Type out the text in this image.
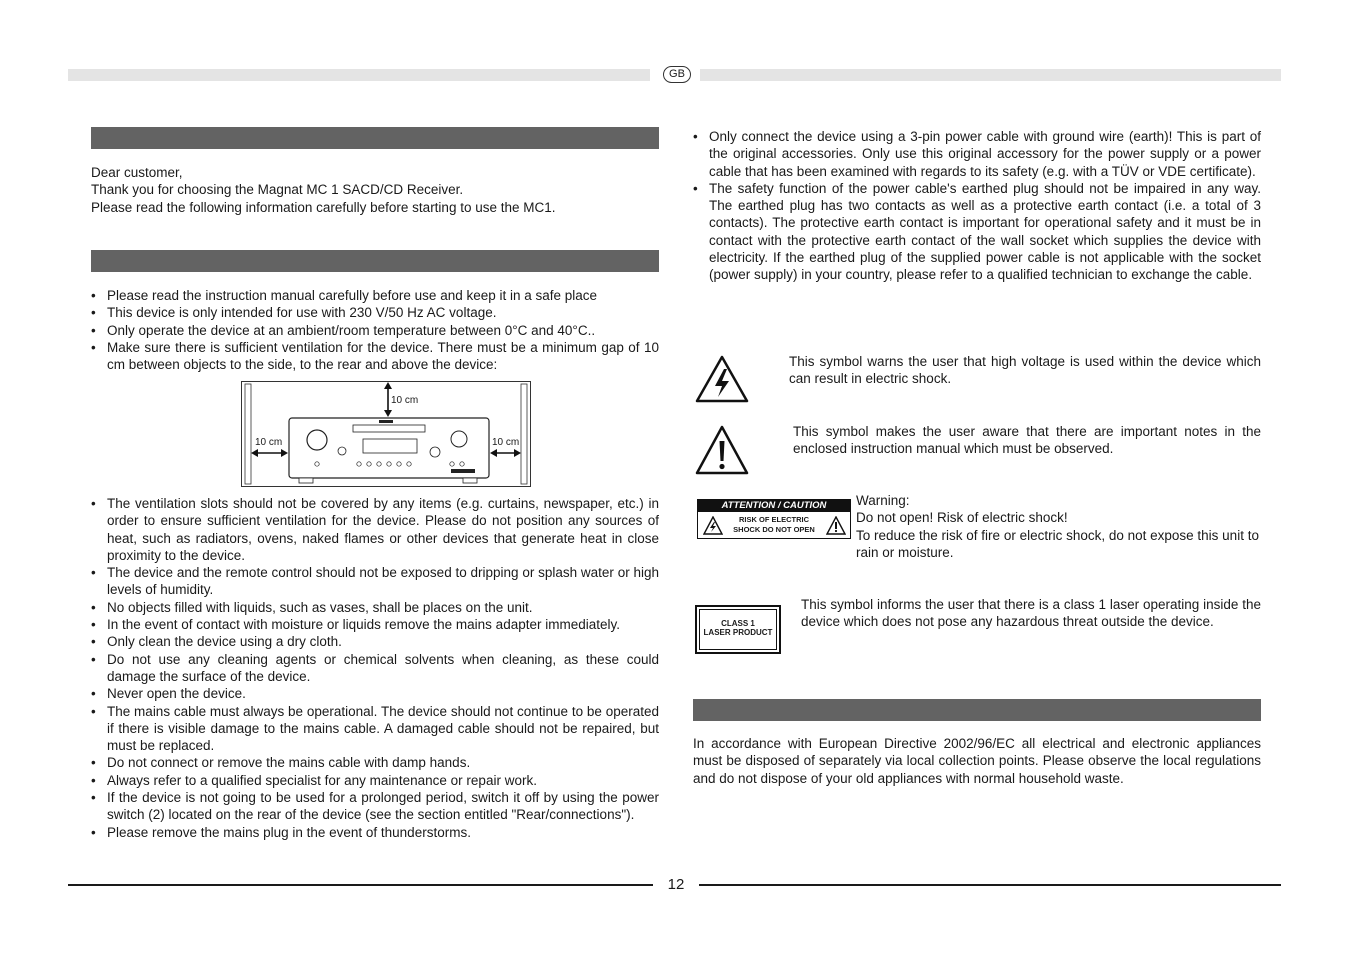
GB

Dear customer,

Thank you for choosing the Magnat MC 1 SACD/CD Receiver.

Please read the following information carefully before starting to use the MC1.

• Please read the instruction manual carefully before use and keep it in a safe place
• This device is only intended for use with 230 V/50 Hz AC voltage.
• Only operate the device at an ambient/room temperature between 0°C and 40°C..
• Make sure there is sufficient ventilation for the device. There must be a minimum gap of 10 cm between objects to the side, to the rear and above the device:
10 cm
10 cm	10 cm
• The ventilation slots should not be covered by any items (e.g. curtains, newspaper, etc.) in order to ensure sufficient ventilation for the device. Please do not position any sources of heat, such as radiators, ovens, naked flames or other devices that generate heat in close proximity to the device.
• The device and the remote control should not be exposed to dripping or splash water or high levels of humidity.
• No objects filled with liquids, such as vases, shall be places on the unit.
• In the event of contact with moisture or liquids remove the mains adapter immediately.
• Only clean the device using a dry cloth.
• Do not use any cleaning agents or chemical solvents when cleaning, as these could damage the surface of the device.
• Never open the device.
• The mains cable must always be operational. The device should not continue to be operated if there is visible damage to the mains cable. A damaged cable should not be repaired, but must be replaced.
• Do not connect or remove the mains cable with damp hands.
• Always refer to a qualified specialist for any maintenance or repair work.
• If the device is not going to be used for a prolonged period, switch it off by using the power switch (2) located on the rear of the device (see the section entitled "Rear/connections").
• Please remove the mains plug in the event of thunderstorms.
• Only connect the device using a 3-pin power cable with ground wire (earth)! This is part of the original accessories. Only use this original accessory for the power supply or a power cable that has been examined with regards to its safety (e.g. with a TÜV or VDE certificate).
• The safety function of the power cable's earthed plug should not be impaired in any way. The earthed plug has two contacts as well as a protective earth contact (i.e. a total of 3 contacts). The protective earth contact is important for operational safety and it must be in contact with the protective earth contact of the wall socket which supplies the device with electricity. If the earthed plug of the supplied power cable is not applicable with the socket (power supply) in your country, please refer to a qualified technician to exchange the cable.
This symbol warns the user that high voltage is used within the device which can result in electric shock.
This symbol makes the user aware that there are important notes in the enclosed instruction manual which must be observed.
ATTENTION / CAUTION
RISK OF ELECTRIC
SHOCK DO NOT OPEN

Warning:

Do not open! Risk of electric shock!

To reduce the risk of fire or electric shock, do not expose this unit to rain or moisture.

CLASS 1
LASER PRODUCT
This symbol informs the user that there is a class 1 laser operating inside the device which does not pose any hazardous threat outside the device.
In accordance with European Directive 2002/96/EC all electrical and electronic appliances must be disposed of separately via local collection points. Please observe the local regulations and do not dispose of your old appliances with normal household waste.
12
